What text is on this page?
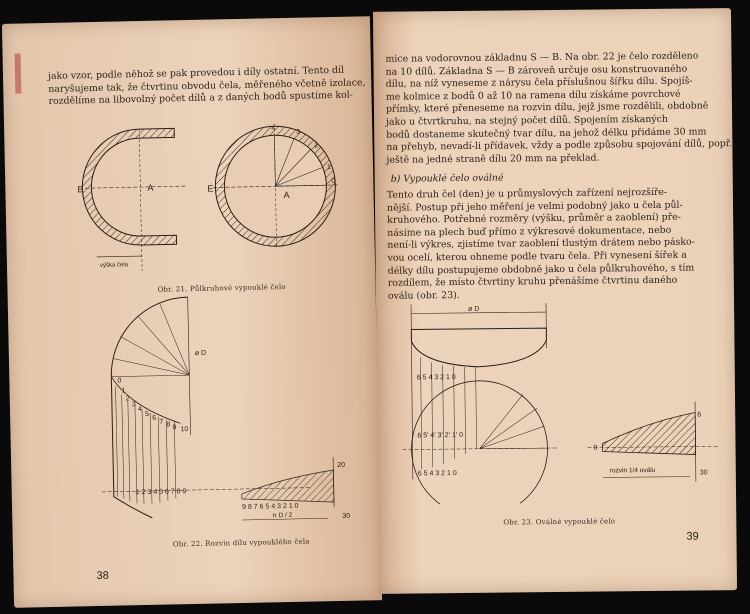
jako vzor, podle něhož se pak provedou i díly ostatní. Tento díl
naryšujeme tak, že čtvrtinu obvodu čela, měřeného včetně izolace,
rozdělíme na libovolný počet dílů a z daných bodů spustíme kol-
B	A
výška čela
4	3
2
1
0
E
A
Obr. 21. Půlkruhové vypouklé čelo
ø D
0
1
2
3
4
5
6
7 8 9 10
1 2 3 4 5 6 7 8 9
9 8 7 6 5 4 3 2 1 0
20
π D / 2	30
Obr. 22. Rozvin dílu vypouklého čela
38
mice na vodorovnou základnu S — B. Na obr. 22 je čelo rozděleno
na 10 dílů. Základna S — B zároveň určuje osu konstruovaného
dílu, na níž vyneseme z nárysu čela příslušnou šířku dílu. Spojíš-
me kolmice z bodů 0 až 10 na ramena dílu získáme povrchové
přímky, které přeneseme na rozvin dílu, jejž jsme rozdělili, obdobně
jako u čtvrtkruhu, na stejný počet dílů. Spojením získaných
bodů dostaneme skutečný tvar dílu, na jehož délku přidáme 30 mm
na přehyb, nevadí-li přídavek, vždy a podle způsobu spojování dílů, popř.
ještě na jedné straně dílu 20 mm na překlad.
b) Vypouklé čelo oválné
Tento druh čel (den) je u průmyslových zařízení nejrozšíře-
nější. Postup při jeho měření je velmi podobný jako u čela půl-
kruhového. Potřebné rozměry (výšku, průměr a zaoblení) pře-
násíme na plech buď přímo z výkresové dokumentace, nebo
není-li výkres, zjistíme tvar zaoblení tlustým drátem nebo pásko-
vou ocelí, kterou ohneme podle tvaru čela. Při vynesení šířek a
délky dílu postupujeme obdobně jako u čela půlkruhového, s tím
rozdílem, že místo čtvrtiny kruhu přenášíme čtvrtinu daného
oválu (obr. 23).
ø D
6 5 4 3 2 1 0
6 5' 4' 3' 2' 1' 0
6 5 4 3 2 1 0
0
6
rozvin 1/4 oválu	30
Obr. 23. Oválné vypouklé čelo
39
